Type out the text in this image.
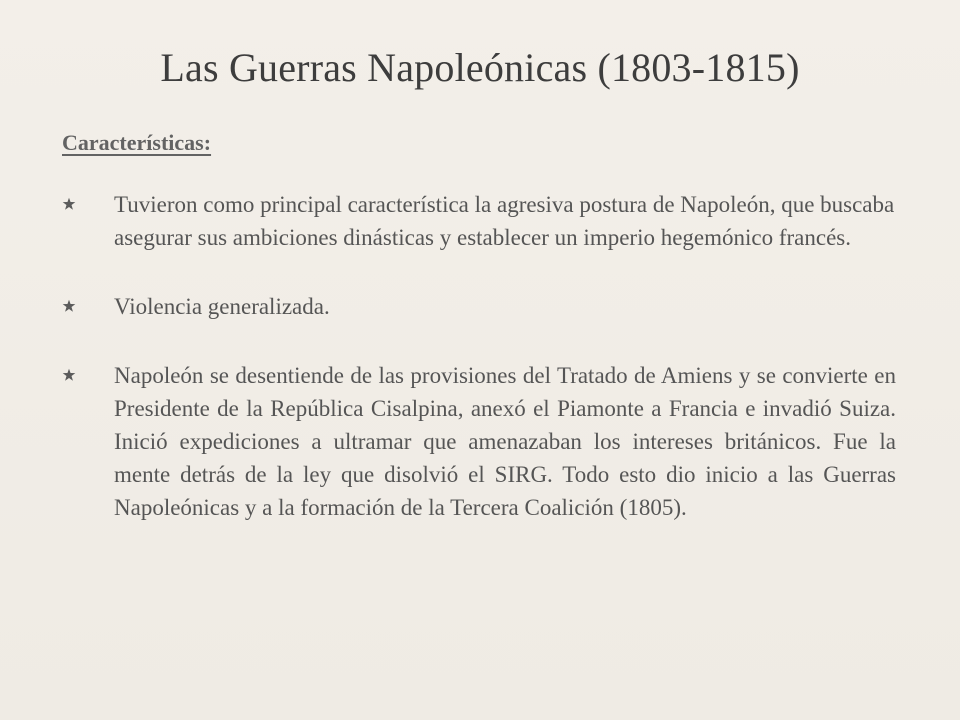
Las Guerras Napoleónicas (1803-1815)
Características:
Tuvieron como principal característica la agresiva postura de Napoleón, que buscaba asegurar sus ambiciones dinásticas y establecer un imperio hegemónico francés.
Violencia generalizada.
Napoleón se desentiende de las provisiones del Tratado de Amiens y se convierte en Presidente de la República Cisalpina, anexó el Piamonte a Francia e invadió Suiza. Inició expediciones a ultramar que amenazaban los intereses británicos. Fue la mente detrás de la ley que disolvió el SIRG. Todo esto dio inicio a las Guerras Napoleónicas y a la formación de la Tercera Coalición (1805).
